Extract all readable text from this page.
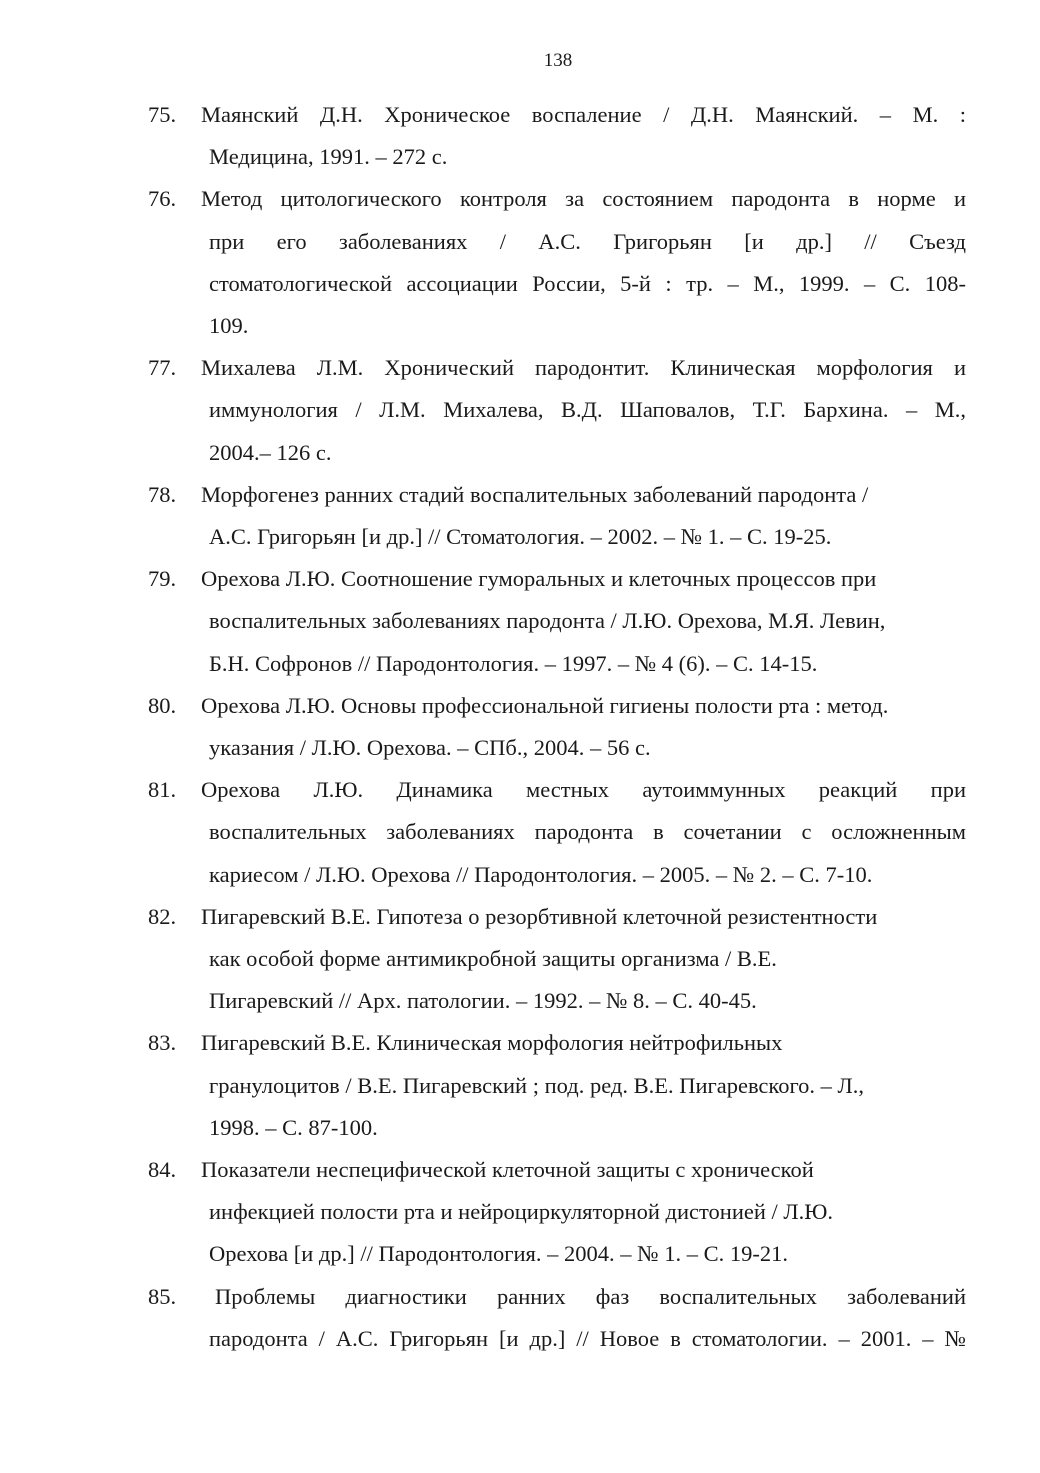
138
75.	Маянский Д.Н. Хроническое воспаление / Д.Н. Маянский. – М. :
Медицина, 1991. – 272 с.
76.	Метод цитологического контроля за состоянием пародонта в норме и
при его заболеваниях / А.С. Григорьян [и др.] // Съезд
стоматологической ассоциации России, 5-й : тр. – М., 1999. – С. 108-
109.
77.	Михалева Л.М. Хронический пародонтит. Клиническая морфология и
иммунология / Л.М. Михалева, В.Д. Шаповалов, Т.Г. Бархина. – М.,
2004.– 126 с.
78.	Морфогенез ранних стадий воспалительных заболеваний пародонта /
А.С. Григорьян [и др.] // Стоматология. – 2002. – № 1. – С. 19-25.
79.	Орехова Л.Ю. Соотношение гуморальных и клеточных процессов при
воспалительных заболеваниях пародонта / Л.Ю. Орехова, М.Я. Левин,
Б.Н. Софронов // Пародонтология. – 1997. – № 4 (6). – С. 14-15.
80.	Орехова Л.Ю. Основы профессиональной гигиены полости рта : метод.
указания / Л.Ю. Орехова. – СПб., 2004. – 56 с.
81.	Орехова Л.Ю. Динамика местных аутоиммунных реакций при
воспалительных заболеваниях пародонта в сочетании с осложненным
кариесом / Л.Ю. Орехова // Пародонтология. – 2005. – № 2. – С. 7-10.
82.	Пигаревский В.Е. Гипотеза о резорбтивной клеточной резистентности
как особой форме антимикробной защиты организма / В.Е.
Пигаревский // Арх. патологии. – 1992. – № 8. – С. 40-45.
83.	Пигаревский В.Е. Клиническая морфология нейтрофильных
гранулоцитов / В.Е. Пигаревский ; под. ред. В.Е. Пигаревского. – Л.,
1998. – С. 87-100.
84.	Показатели неспецифической клеточной защиты с хронической
инфекцией полости рта и нейроциркуляторной дистонией / Л.Ю.
Орехова [и др.] // Пародонтология. – 2004. – № 1. – С. 19-21.
85.	Проблемы диагностики ранних фаз воспалительных заболеваний
пародонта / А.С. Григорьян [и др.] // Новое в стоматологии. – 2001. – №
